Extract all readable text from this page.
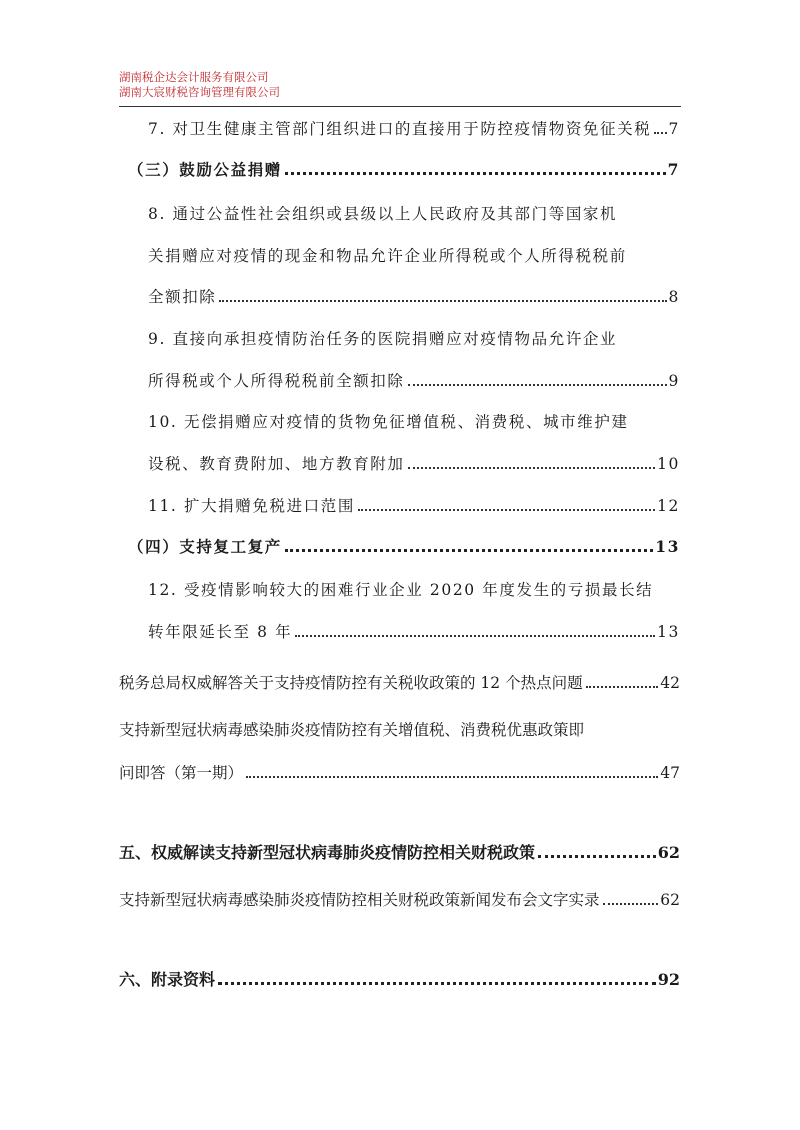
湖南税企达会计服务有限公司
湖南大宸财税咨询管理有限公司
7. 对卫生健康主管部门组织进口的直接用于防控疫情物资免征关税 7
（三）鼓励公益捐赠	7
8. 通过公益性社会组织或县级以上人民政府及其部门等国家机
关捐赠应对疫情的现金和物品允许企业所得税或个人所得税税前
全额扣除	8
9. 直接向承担疫情防治任务的医院捐赠应对疫情物品允许企业
所得税或个人所得税税前全额扣除	9
10. 无偿捐赠应对疫情的货物免征增值税、消费税、城市维护建
设税、教育费附加、地方教育附加	10
11. 扩大捐赠免税进口范围	12
（四）支持复工复产	13
12. 受疫情影响较大的困难行业企业 2020 年度发生的亏损最长结
转年限延长至 8 年	13
税务总局权威解答关于支持疫情防控有关税收政策的 12 个热点问题	42
支持新型冠状病毒感染肺炎疫情防控有关增值税、消费税优惠政策即
问即答（第一期）	47
五、权威解读支持新型冠状病毒肺炎疫情防控相关财税政策	62
支持新型冠状病毒感染肺炎疫情防控相关财税政策新闻发布会文字实录	62
六、附录资料	92
